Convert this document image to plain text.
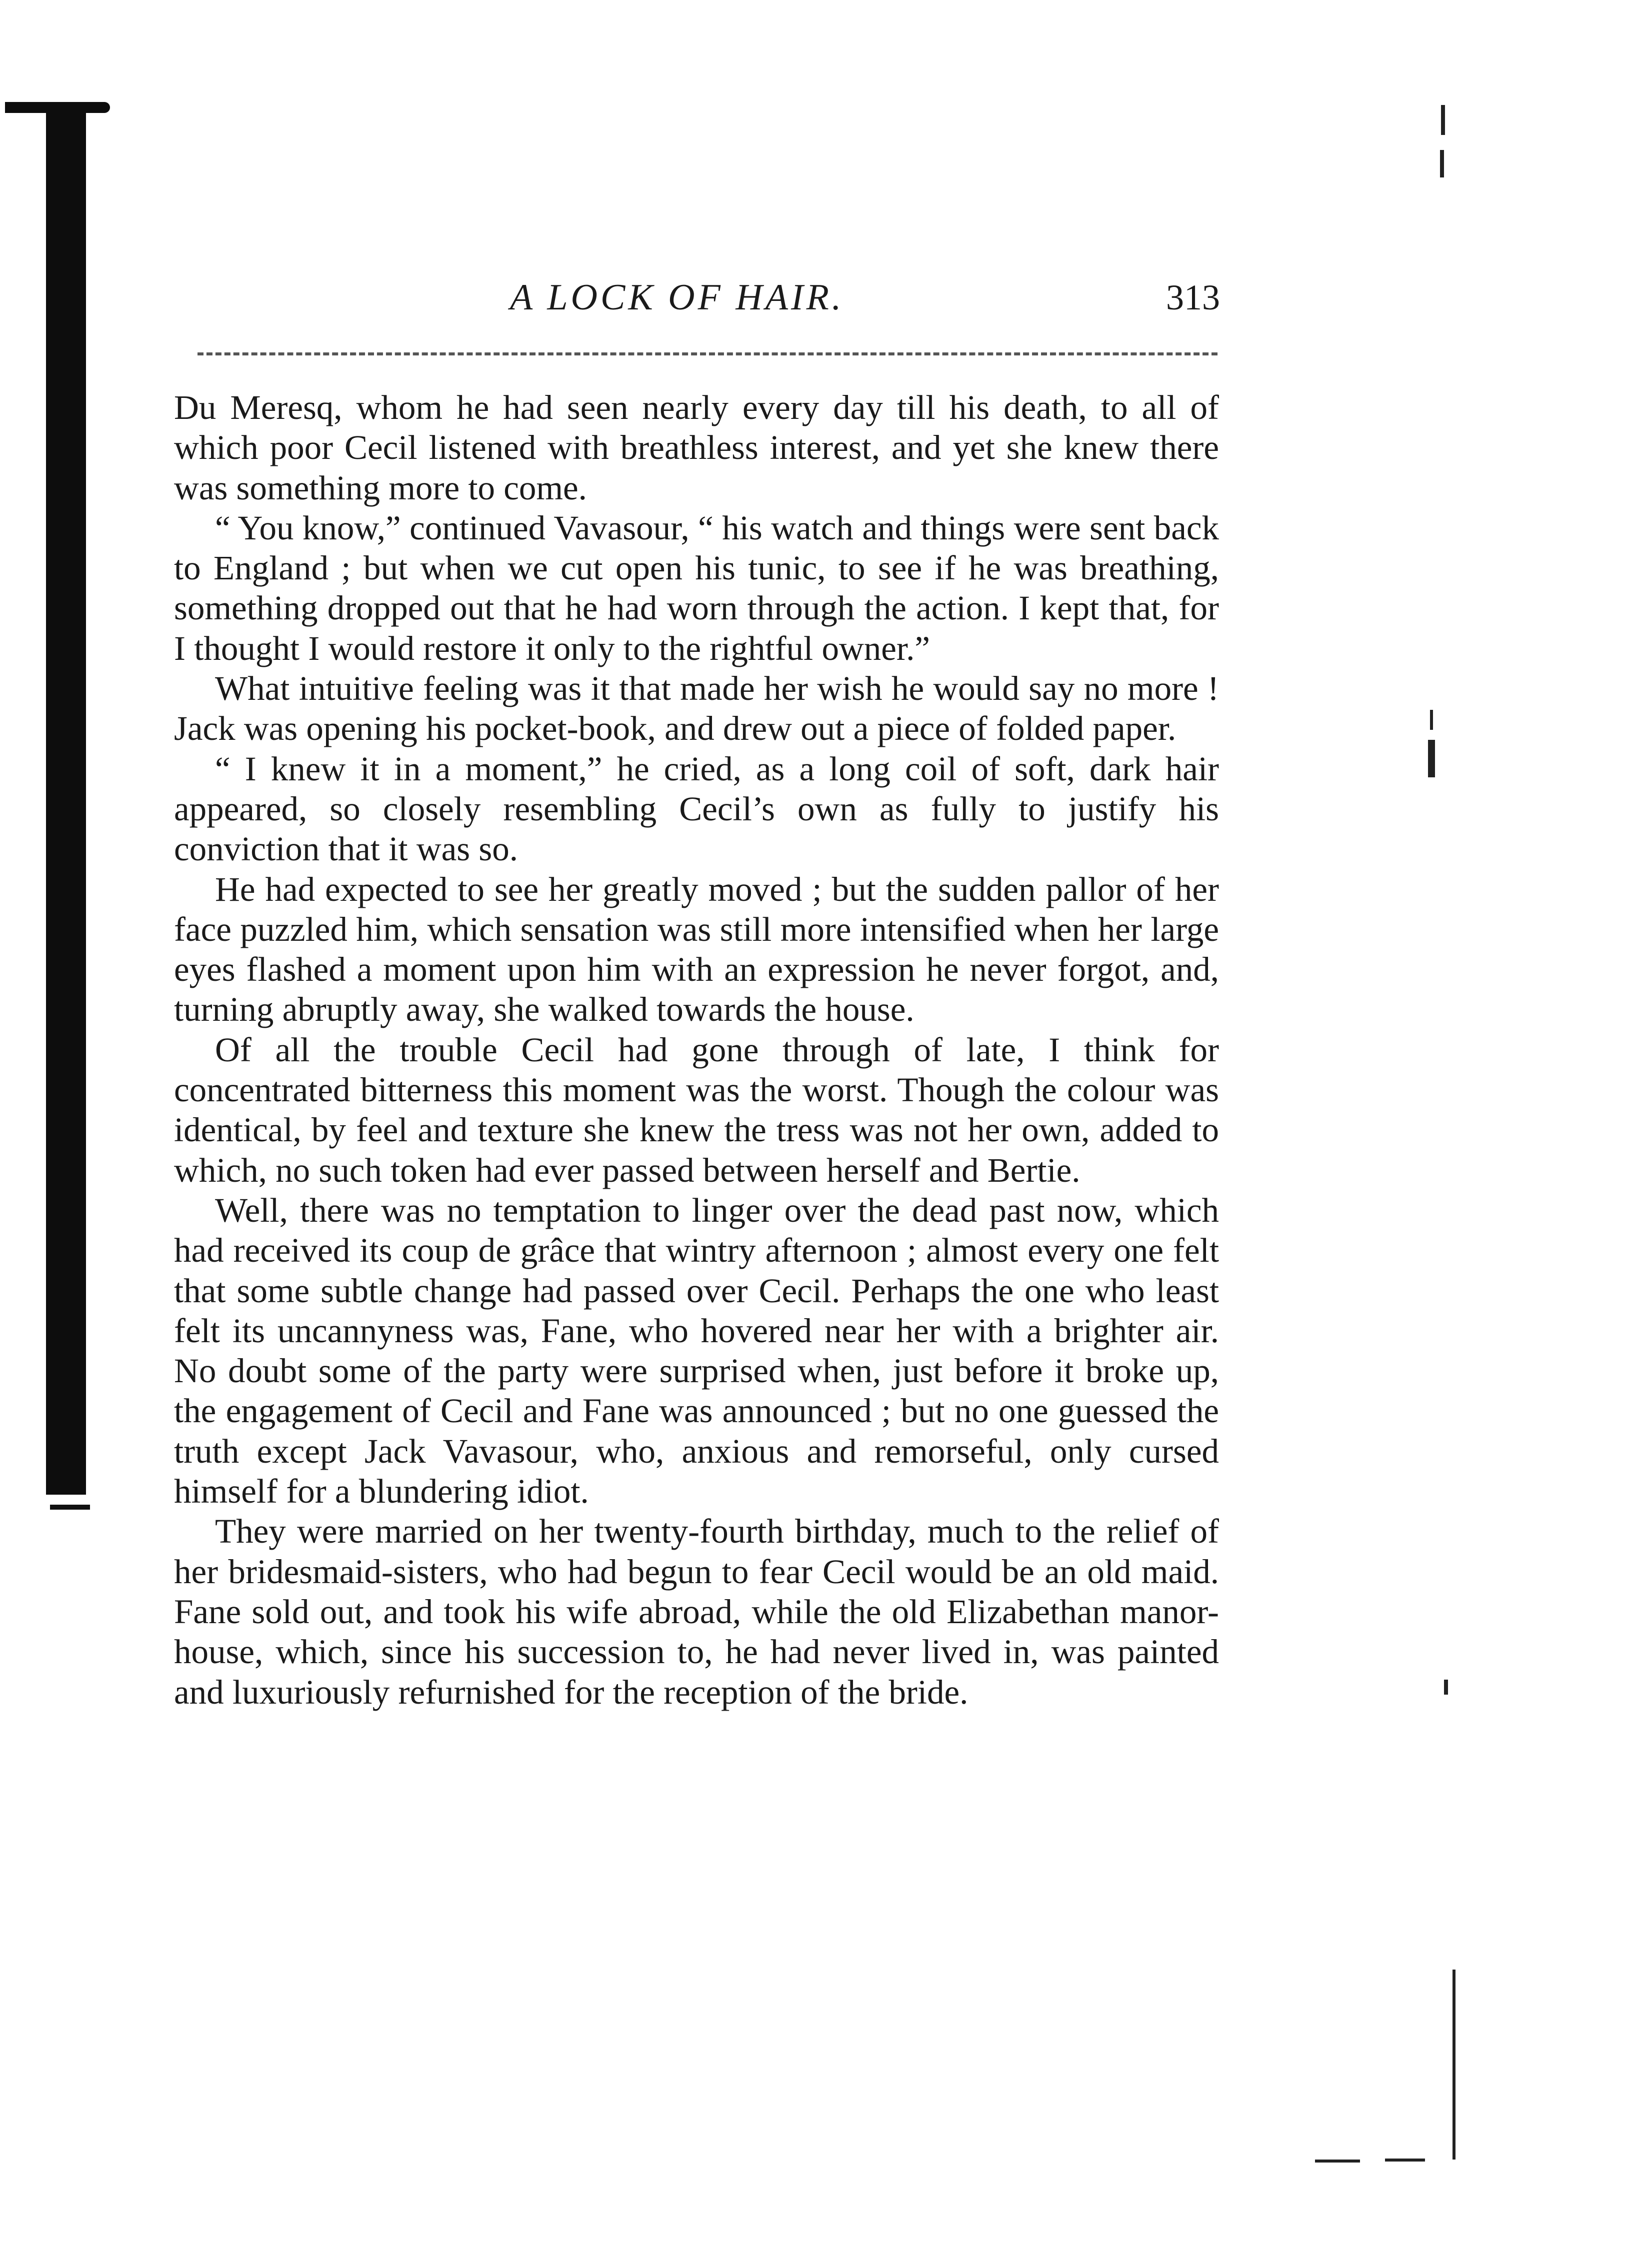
A LOCK OF HAIR.	313

Du Meresq, whom he had seen nearly every day till his death, to all of which poor Cecil listened with breathless interest, and yet she knew there was something more to come.

“ You know,” continued Vavasour, “ his watch and things were sent back to England ; but when we cut open his tunic, to see if he was breathing, something dropped out that he had worn through the action. I kept that, for I thought I would restore it only to the rightful owner.”

What intuitive feeling was it that made her wish he would say no more ! Jack was opening his pocket-book, and drew out a piece of folded paper.

“ I knew it in a moment,” he cried, as a long coil of soft, dark hair appeared, so closely resembling Cecil’s own as fully to justify his conviction that it was so.

He had expected to see her greatly moved ; but the sudden pallor of her face puzzled him, which sensation was still more intensified when her large eyes flashed a moment upon him with an expression he never forgot, and, turning abruptly away, she walked towards the house.

Of all the trouble Cecil had gone through of late, I think for concentrated bitterness this moment was the worst. Though the colour was identical, by feel and texture she knew the tress was not her own, added to which, no such token had ever passed between herself and Bertie.

Well, there was no temptation to linger over the dead past now, which had received its coup de grâce that wintry afternoon ; almost every one felt that some subtle change had passed over Cecil. Perhaps the one who least felt its uncannyness was, Fane, who hovered near her with a brighter air. No doubt some of the party were surprised when, just before it broke up, the engagement of Cecil and Fane was announced ; but no one guessed the truth except Jack Vavasour, who, anxious and remorseful, only cursed himself for a blundering idiot.

They were married on her twenty-fourth birthday, much to the relief of her bridesmaid-sisters, who had begun to fear Cecil would be an old maid. Fane sold out, and took his wife abroad, while the old Elizabethan manor-house, which, since his succession to, he had never lived in, was painted and luxuriously refurnished for the reception of the bride.
